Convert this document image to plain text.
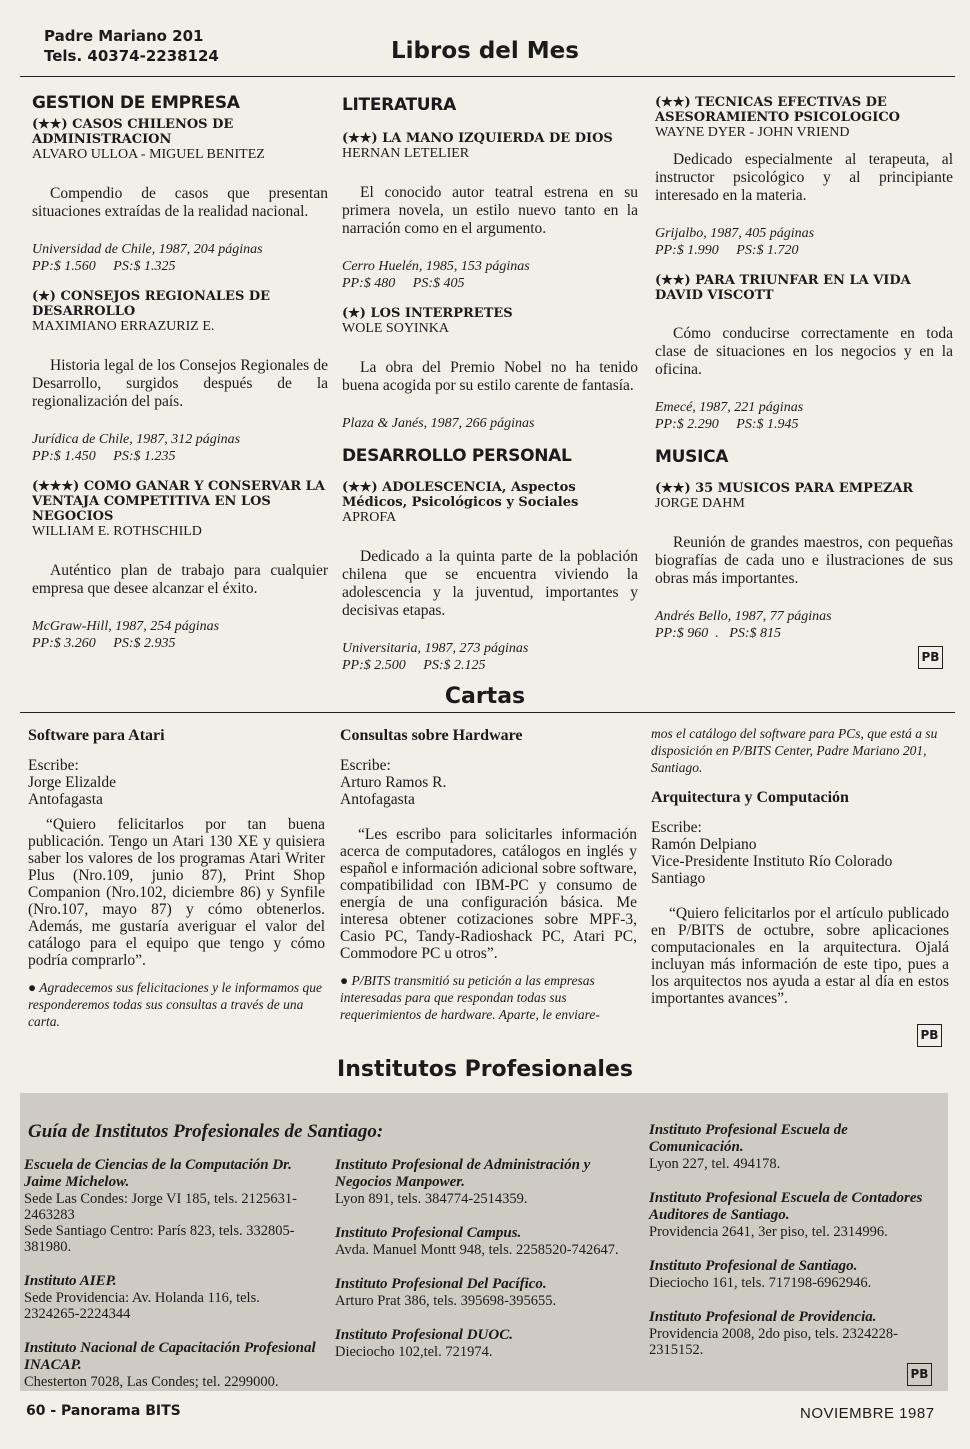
Padre Mariano 201
Tels. 40374-2238124	Libros del Mes
GESTION DE EMPRESA
(★★) CASOS CHILENOS DE ADMINISTRACION
ALVARO ULLOA - MIGUEL BENITEZ
Compendio de casos que presentan situaciones extraídas de la realidad nacional.
Universidad de Chile, 1987, 204 páginas
PP:$ 1.560     PS:$ 1.325
(★) CONSEJOS REGIONALES DE DESARROLLO
MAXIMIANO ERRAZURIZ E.
Historia legal de los Consejos Regionales de Desarrollo, surgidos después de la regionalización del país.
Jurídica de Chile, 1987, 312 páginas
PP:$ 1.450     PS:$ 1.235
(★★★) COMO GANAR Y CONSERVAR LA VENTAJA COMPETITIVA EN LOS NEGOCIOS
WILLIAM E. ROTHSCHILD
Auténtico plan de trabajo para cualquier empresa que desee alcanzar el éxito.
McGraw-Hill, 1987, 254 páginas
PP:$ 3.260     PS:$ 2.935
LITERATURA
(★★) LA MANO IZQUIERDA DE DIOS
HERNAN LETELIER
El conocido autor teatral estrena en su primera novela, un estilo nuevo tanto en la narración como en el argumento.
Cerro Huelén, 1985, 153 páginas
PP:$ 480     PS:$ 405
(★) LOS INTERPRETES
WOLE SOYINKA
La obra del Premio Nobel no ha tenido buena acogida por su estilo carente de fantasía.
Plaza & Janés, 1987, 266 páginas
DESARROLLO PERSONAL
(★★) ADOLESCENCIA, Aspectos Médicos, Psicológicos y Sociales
APROFA
Dedicado a la quinta parte de la población chilena que se encuentra viviendo la adolescencia y la juventud, importantes y decisivas etapas.
Universitaria, 1987, 273 páginas
PP:$ 2.500     PS:$ 2.125
(★★) TECNICAS EFECTIVAS DE ASESORAMIENTO PSICOLOGICO
WAYNE DYER - JOHN VRIEND
Dedicado especialmente al terapeuta, al instructor psicológico y al principiante interesado en la materia.
Grijalbo, 1987, 405 páginas
PP:$ 1.990     PS:$ 1.720
(★★) PARA TRIUNFAR EN LA VIDA DAVID VISCOTT
Cómo conducirse correctamente en toda clase de situaciones en los negocios y en la oficina.
Emecé, 1987, 221 páginas
PP:$ 2.290     PS:$ 1.945
MUSICA
(★★) 35 MUSICOS PARA EMPEZAR
JORGE DAHM
Reunión de grandes maestros, con pequeñas biografías de cada uno e ilustraciones de sus obras más importantes.
Andrés Bello, 1987, 77 páginas
PP:$ 960  .   PS:$ 815
PB
Cartas
Software para Atari
Escribe:
Jorge Elizalde
Antofagasta
“Quiero felicitarlos por tan buena publicación. Tengo un Atari 130 XE y quisiera saber los valores de los programas Atari Writer Plus (Nro.109, junio 87), Print Shop Companion (Nro.102, diciembre 86) y Synfile (Nro.107, mayo 87) y cómo obtenerlos. Además, me gustaría averiguar el valor del catálogo para el equipo que tengo y cómo podría comprarlo”.
● Agradecemos sus felicitaciones y le informamos que responderemos todas sus consultas a través de una carta.
Consultas sobre Hardware
Escribe:
Arturo Ramos R.
Antofagasta
“Les escribo para solicitarles información acerca de computadores, catálogos en inglés y español e información adicional sobre software, compatibilidad con IBM-PC y consumo de energía de una configuración básica. Me interesa obtener cotizaciones sobre MPF-3, Casio PC, Tandy-Radioshack PC, Atari PC, Commodore PC u otros”.
● P/BITS transmitió su petición a las empresas interesadas para que respondan todas sus requerimientos de hardware. Aparte, le enviare-
mos el catálogo del software para PCs, que está a su disposición en P/BITS Center, Padre Mariano 201, Santiago.
Arquitectura y Computación
Escribe:
Ramón Delpiano
Vice-Presidente Instituto Río Colorado
Santiago
“Quiero felicitarlos por el artículo publicado en P/BITS de octubre, sobre aplicaciones computacionales en la arquitectura. Ojalá incluyan más información de este tipo, pues a los arquitectos nos ayuda a estar al día en estos importantes avances”.
PB
Institutos Profesionales
Guía de Institutos Profesionales de Santiago:
Escuela de Ciencias de la Computación Dr. Jaime Michelow.
Sede Las Condes: Jorge VI 185, tels. 2125631-2463283
Sede Santiago Centro: París 823, tels. 332805-381980.
Instituto AIEP.
Sede Providencia: Av. Holanda 116, tels. 2324265-2224344
Instituto Nacional de Capacitación Profesional INACAP.
Chesterton 7028, Las Condes; tel. 2299000.
Instituto Profesional de Administración y Negocios Manpower.
Lyon 891, tels. 384774-2514359.
Instituto Profesional Campus.
Avda. Manuel Montt 948, tels. 2258520-742647.
Instituto Profesional Del Pacífico.
Arturo Prat 386, tels. 395698-395655.
Instituto Profesional DUOC.
Dieciocho 102,tel. 721974.
Instituto Profesional Escuela de Comunicación.
Lyon 227, tel. 494178.
Instituto Profesional Escuela de Contadores Auditores de Santiago.
Providencia 2641, 3er piso, tel. 2314996.
Instituto Profesional de Santiago.
Dieciocho 161, tels. 717198-6962946.
Instituto Profesional de Providencia.
Providencia 2008, 2do piso, tels. 2324228-2315152.
PB
60 - Panorama BITS	NOVIEMBRE 1987
